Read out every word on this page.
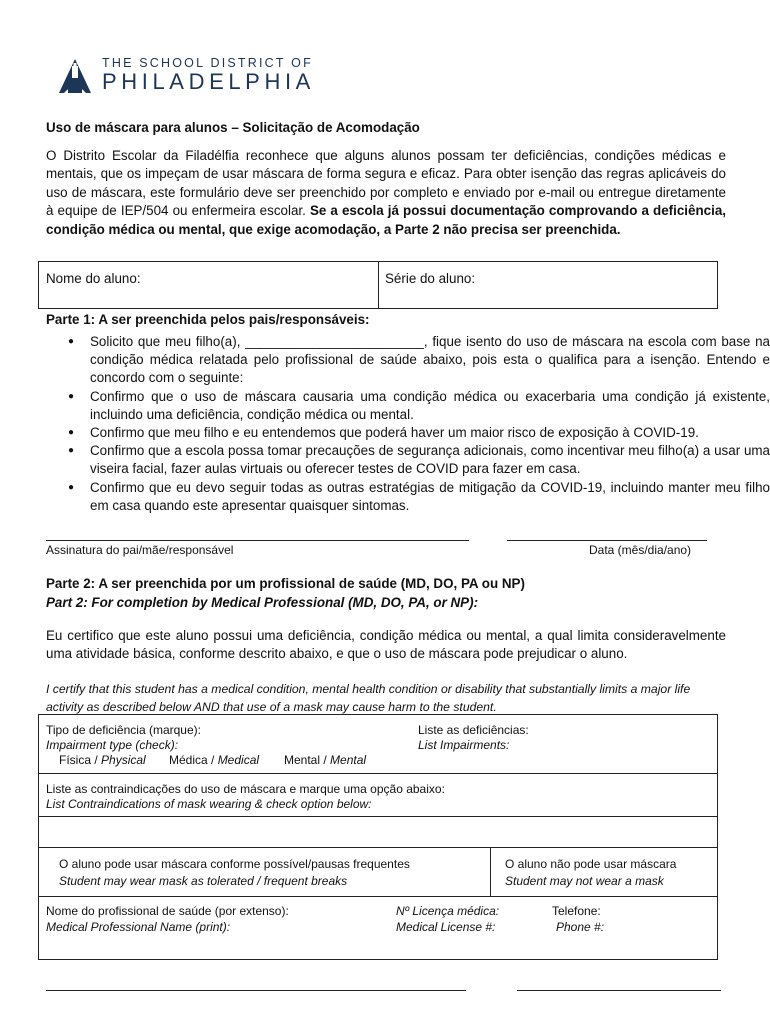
THE SCHOOL DISTRICT OF
PHILADELPHIA
Uso de máscara para alunos – Solicitação de Acomodação
O Distrito Escolar da Filadélfia reconhece que alguns alunos possam ter deficiências, condições médicas e mentais, que os impeçam de usar máscara de forma segura e eficaz. Para obter isenção das regras aplicáveis do uso de máscara, este formulário deve ser preenchido por completo e enviado por e-mail ou entregue diretamente à equipe de IEP/504 ou enfermeira escolar. Se a escola já possui documentação comprovando a deficiência, condição médica ou mental, que exige acomodação, a Parte 2 não precisa ser preenchida.
Nome do aluno:	Série do aluno:
Parte 1: A ser preenchida pelos pais/responsáveis:
● Solicito que meu filho(a), ________________________, fique isento do uso de máscara na escola com base na condição médica relatada pelo profissional de saúde abaixo, pois esta o qualifica para a isenção. Entendo e concordo com o seguinte:
● Confirmo que o uso de máscara causaria uma condição médica ou exacerbaria uma condição já existente, incluindo uma deficiência, condição médica ou mental.
● Confirmo que meu filho e eu entendemos que poderá haver um maior risco de exposição à COVID-19.
● Confirmo que a escola possa tomar precauções de segurança adicionais, como incentivar meu filho(a) a usar uma viseira facial, fazer aulas virtuais ou oferecer testes de COVID para fazer em casa.
● Confirmo que eu devo seguir todas as outras estratégias de mitigação da COVID-19, incluindo manter meu filho em casa quando este apresentar quaisquer sintomas.
Assinatura do pai/mãe/responsável	Data (mês/dia/ano)
Parte 2: A ser preenchida por um profissional de saúde (MD, DO, PA ou NP)
Part 2: For completion by Medical Professional (MD, DO, PA, or NP):
Eu certifico que este aluno possui uma deficiência, condição médica ou mental, a qual limita consideravelmente uma atividade básica, conforme descrito abaixo, e que o uso de máscara pode prejudicar o aluno.
I certify that this student has a medical condition, mental health condition or disability that substantially limits a major life activity as described below AND that use of a mask may cause harm to the student.
Tipo de deficiência (marque):
Impairment type (check):
Física / Physical Médica / Medical Mental / Mental
Liste as deficiências:
List Impairments:
Liste as contraindicações do uso de máscara e marque uma opção abaixo:
List Contraindications of mask wearing & check option below:
O aluno pode usar máscara conforme possível/pausas frequentes
Student may wear mask as tolerated / frequent breaks
O aluno não pode usar máscara
Student may not wear a mask
Nome do profissional de saúde (por extenso):
Medical Professional Name (print):
Nº Licença médica:
Medical License #:
Telefone:
Phone #:
